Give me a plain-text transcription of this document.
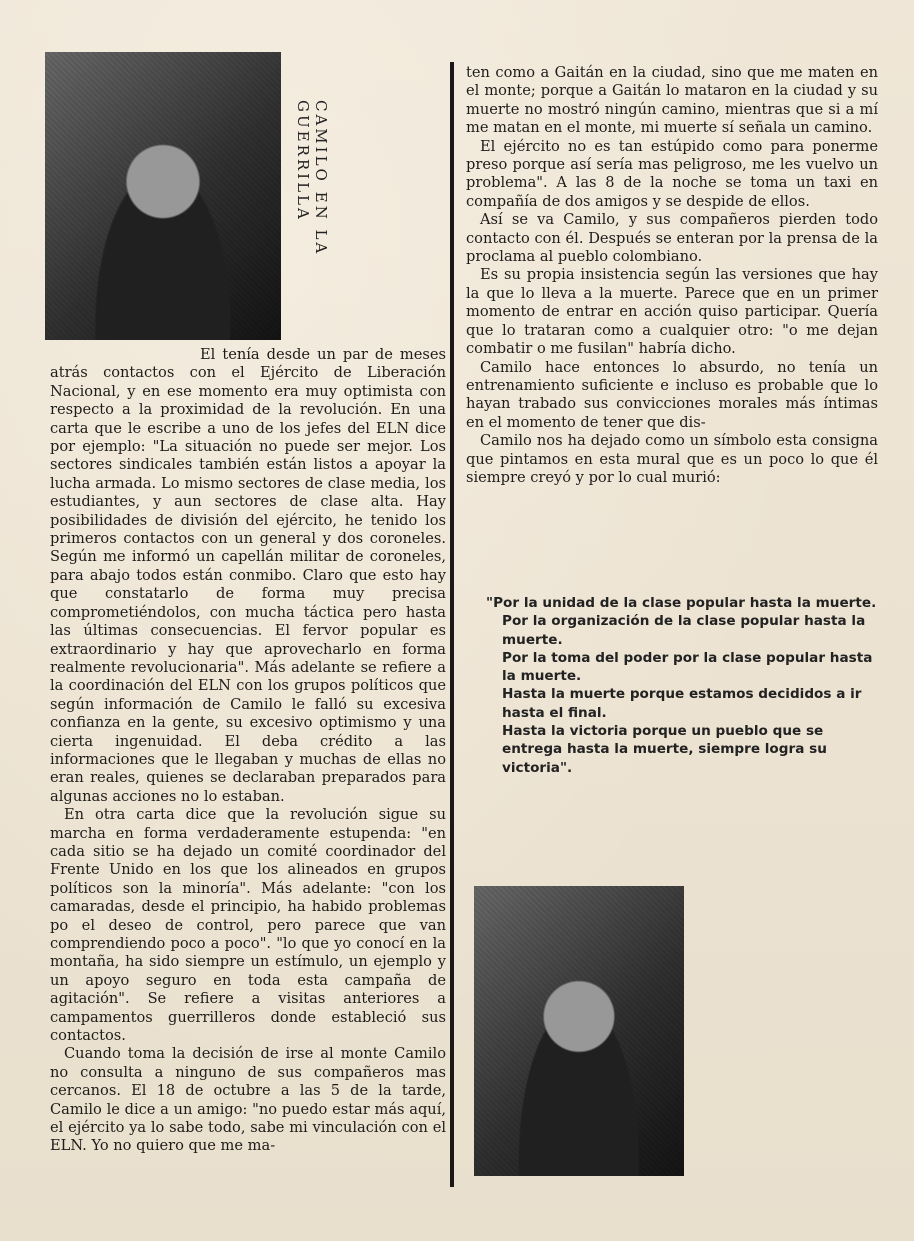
CAMILO EN LA GUERRILLA

El tenía desde un par de meses atrás contactos con el Ejército de Liberación Nacional, y en ese momento era muy optimista con respecto a la proximidad de la revolución. En una carta que le escribe a uno de los jefes del ELN dice por ejemplo: "La situación no puede ser mejor. Los sectores sindicales también están listos a apoyar la lucha armada. Lo mismo sectores de clase media, los estudiantes, y aun sectores de clase alta. Hay posibilidades de división del ejército, he tenido los primeros contactos con un general y dos coroneles. Según me informó un capellán militar de coroneles, para abajo todos están conmibo. Claro que esto hay que constatarlo de forma muy precisa comprometiéndolos, con mucha táctica pero hasta las últimas consecuencias. El fervor popular es extraordinario y hay que aprovecharlo en forma realmente revolucionaria". Más adelante se refiere a la coordinación del ELN con los grupos políticos que según información de Camilo le falló su excesiva confianza en la gente, su excesivo optimismo y una cierta ingenuidad. El deba crédito a las informaciones que le llegaban y muchas de ellas no eran reales, quienes se declaraban preparados para algunas acciones no lo estaban.

En otra carta dice que la revolución sigue su marcha en forma verdaderamente estupenda: "en cada sitio se ha dejado un comité coordinador del Frente Unido en los que los alineados en grupos políticos son la minoría". Más adelante: "con los camaradas, desde el principio, ha habido problemas po el deseo de control, pero parece que van comprendiendo poco a poco". "lo que yo conocí en la montaña, ha sido siempre un estímulo, un ejemplo y un apoyo seguro en toda esta campaña de agitación". Se refiere a visitas anteriores a campamentos guerrilleros donde estableció sus contactos.

Cuando toma la decisión de irse al monte Camilo no consulta a ninguno de sus compañeros mas cercanos. El 18 de octubre a las 5 de la tarde, Camilo le dice a un amigo: "no puedo estar más aquí, el ejército ya lo sabe todo, sabe mi vinculación con el ELN. Yo no quiero que me ma-

ten como a Gaitán en la ciudad, sino que me maten en el monte; porque a Gaitán lo mataron en la ciudad y su muerte no mostró ningún camino, mientras que si a mí me matan en el monte, mi muerte sí señala un camino.

El ejército no es tan estúpido como para ponerme preso porque así sería mas peligroso, me les vuelvo un problema". A las 8 de la noche se toma un taxi en compañía de dos amigos y se despide de ellos.

Así se va Camilo, y sus compañeros pierden todo contacto con él. Después se enteran por la prensa de la proclama al pueblo colombiano.

Es su propia insistencia según las versiones que hay la que lo lleva a la muerte. Parece que en un primer momento de entrar en acción quiso participar. Quería que lo trataran como a cualquier otro: "o me dejan combatir o me fusilan" habría dicho.

Camilo hace entonces lo absurdo, no tenía un entrenamiento suficiente e incluso es probable que lo hayan trabado sus convicciones morales más íntimas en el momento de tener que dis-

Camilo nos ha dejado como un símbolo esta consigna que pintamos en esta mural que es un poco lo que él siempre creyó y por lo cual murió:

"Por la unidad de la clase popular hasta la muerte.

Por la organización de la clase popular hasta la muerte.

Por la toma del poder por la clase popular hasta la muerte.

Hasta la muerte porque estamos decididos a ir hasta el final.

Hasta la victoria porque un pueblo que se entrega hasta la muerte, siempre logra su victoria".
